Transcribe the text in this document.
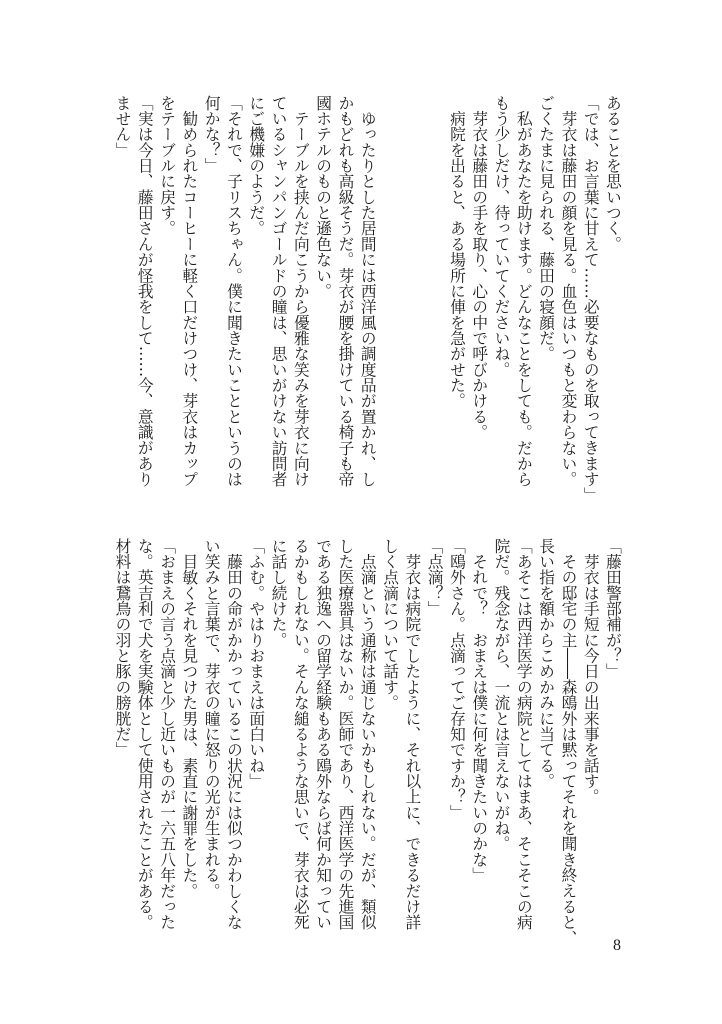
あることを思いつく。
「では、お言葉に甘えて……必要なものを取ってきます」
　芽衣は藤田の顔を見る。血色はいつもと変わらない。
ごくたまに見られる、藤田の寝顔だ。
　私があなたを助けます。どんなことをしても。だから
もう少しだけ、待っていてくださいね。
　芽衣は藤田の手を取り、心の中で呼びかける。
　病院を出ると、ある場所に俥を急がせた。
　ゆったりとした居間には西洋風の調度品が置かれ、し
かもどれも高級そうだ。芽衣が腰を掛けている椅子も帝
國ホテルのものと遜色ない。
　テーブルを挟んだ向こうから優雅な笑みを芽衣に向け
ているシャンパンゴールドの瞳は、思いがけない訪問者
にご機嫌のようだ。
「それで、子リスちゃん。僕に聞きたいことというのは
何かな？」
　勧められたコーヒーに軽く口だけつけ、芽衣はカップ
をテーブルに戻す。
「実は今日、藤田さんが怪我をして……今、意識があり
ません」
「藤田警部補が？」
　芽衣は手短に今日の出来事を話す。
　その邸宅の主――森鴎外は黙ってそれを聞き終えると、
長い指を額からこめかみに当てる。
「あそこは西洋医学の病院としてはまあ、そこそこの病
院だ。残念ながら、一流とは言えないがね。
　それで？　おまえは僕に何を聞きたいのかな」
「鴎外さん。点滴ってご存知ですか？」
「点滴？」
　芽衣は病院でしたように、それ以上に、できるだけ詳
しく点滴について話す。
　点滴という通称は通じないかもしれない。だが、類似
した医療器具はないか。医師であり、西洋医学の先進国
である独逸への留学経験もある鴎外ならば何か知ってい
るかもしれない。そんな縋るような思いで、芽衣は必死
に話し続けた。
「ふむ。やはりおまえは面白いね」
　藤田の命がかかっているこの状況には似つかわしくな
い笑みと言葉で、芽衣の瞳に怒りの光が生まれる。
　目敏くそれを見つけた男は、素直に謝罪をした。
「おまえの言う点滴と少し近いものが一六五八年だった
な。英吉利で犬を実験体として使用されたことがある。
材料は鵞鳥の羽と豚の膀胱だ」
8
